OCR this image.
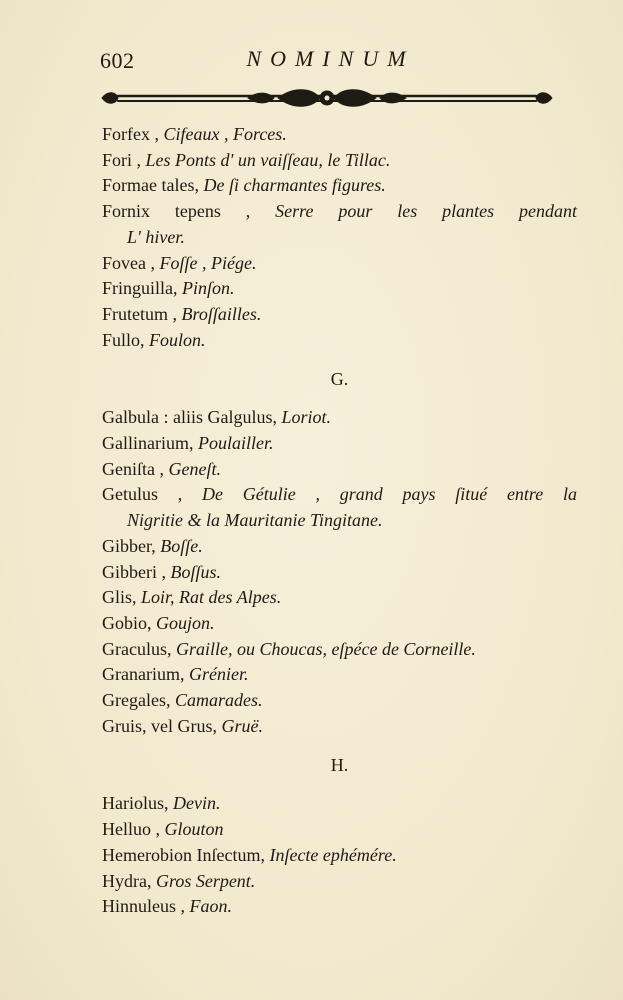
602	NOMINUM
Forfex , Cifeaux , Forces.
Fori , Les Ponts d' un vaiſſeau, le Tillac.
Formae tales, De ſi charmantes figures.
Fornix tepens , Serre pour les plantes pendant
L' hiver.
Fovea , Foſſe , Piége.
Fringuilla, Pinſon.
Frutetum , Broſſailles.
Fullo, Foulon.
G.
Galbula : aliis Galgulus, Loriot.
Gallinarium, Poulailler.
Geniſta , Geneſt.
Getulus , De Gétulie , grand pays ſitué entre la
Nigritie & la Mauritanie Tingitane.
Gibber, Boſſe.
Gibberi , Boſſus.
Glis, Loir, Rat des Alpes.
Gobio, Goujon.
Graculus, Graille, ou Choucas, eſpéce de Corneille.
Granarium, Grénier.
Gregales, Camarades.
Gruis, vel Grus, Gruë.
H.
Hariolus, Devin.
Helluo , Glouton
Hemerobion Inſectum, Inſecte ephémére.
Hydra, Gros Serpent.
Hinnuleus , Faon.
